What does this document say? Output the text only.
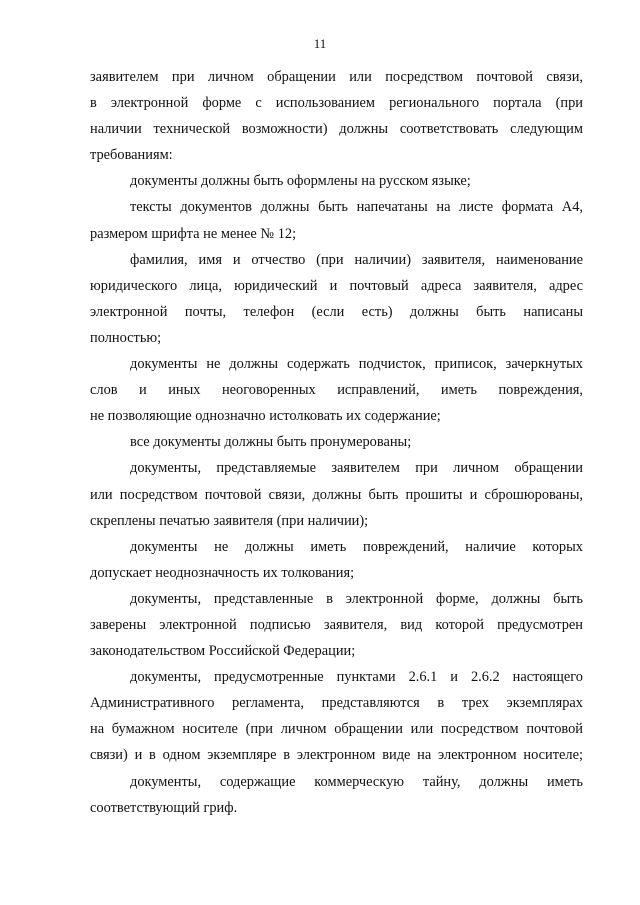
11
заявителем при личном обращении или посредством почтовой связи,
в электронной форме с использованием регионального портала (при
наличии технической возможности) должны соответствовать следующим
требованиям:
документы должны быть оформлены на русском языке;
тексты документов должны быть напечатаны на листе формата А4,
размером шрифта не менее № 12;
фамилия, имя и отчество (при наличии) заявителя, наименование
юридического лица, юридический и почтовый адреса заявителя, адрес
электронной почты, телефон (если есть) должны быть написаны
полностью;
документы не должны содержать подчисток, приписок, зачеркнутых
слов и иных неоговоренных исправлений, иметь повреждения,
не позволяющие однозначно истолковать их содержание;
все документы должны быть пронумерованы;
документы, представляемые заявителем при личном обращении
или посредством почтовой связи, должны быть прошиты и сброшюрованы,
скреплены печатью заявителя (при наличии);
документы не должны иметь повреждений, наличие которых
допускает неоднозначность их толкования;
документы, представленные в электронной форме, должны быть
заверены электронной подписью заявителя, вид которой предусмотрен
законодательством Российской Федерации;
документы, предусмотренные пунктами 2.6.1 и 2.6.2 настоящего
Административного регламента, представляются в трех экземплярах
на бумажном носителе (при личном обращении или посредством почтовой
связи) и в одном экземпляре в электронном виде на электронном носителе;
документы, содержащие коммерческую тайну, должны иметь
соответствующий гриф.
